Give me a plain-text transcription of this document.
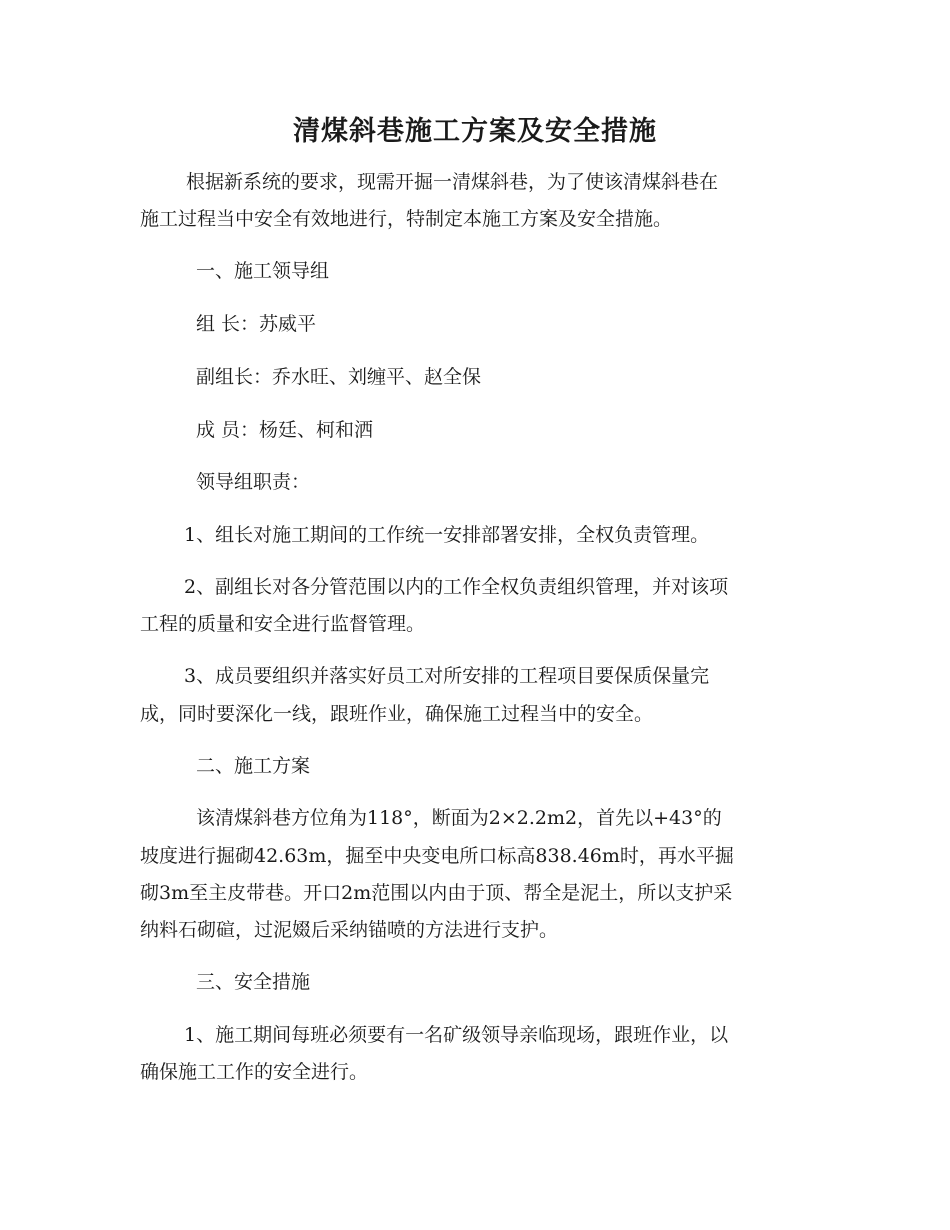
清煤斜巷施工方案及安全措施

根据新系统的要求，现需开掘一清煤斜巷，为了使该清煤斜巷在

施工过程当中安全有效地进行，特制定本施工方案及安全措施。

一、施工领导组

组 长：苏威平

副组长：乔水旺、刘缠平、赵全保

成 员：杨廷、柯和洒

领导组职责：

1、组长对施工期间的工作统一安排部署安排，全权负责管理。

2、副组长对各分管范围以内的工作全权负责组织管理，并对该项

工程的质量和安全进行监督管理。

3、成员要组织并落实好员工对所安排的工程项目要保质保量完

成，同时要深化一线，跟班作业，确保施工过程当中的安全。

二、施工方案

该清煤斜巷方位角为118°，断面为2×2.2m2，首先以+43°的

坡度进行掘砌42.63m，掘至中央变电所口标高838.46m时，再水平掘

砌3m至主皮带巷。开口2m范围以内由于顶、帮全是泥土，所以支护采

纳料石砌碹，过泥娺后采纳锚喷的方法进行支护。

三、安全措施

1、施工期间每班必须要有一名矿级领导亲临现场，跟班作业，以

确保施工工作的安全进行。
